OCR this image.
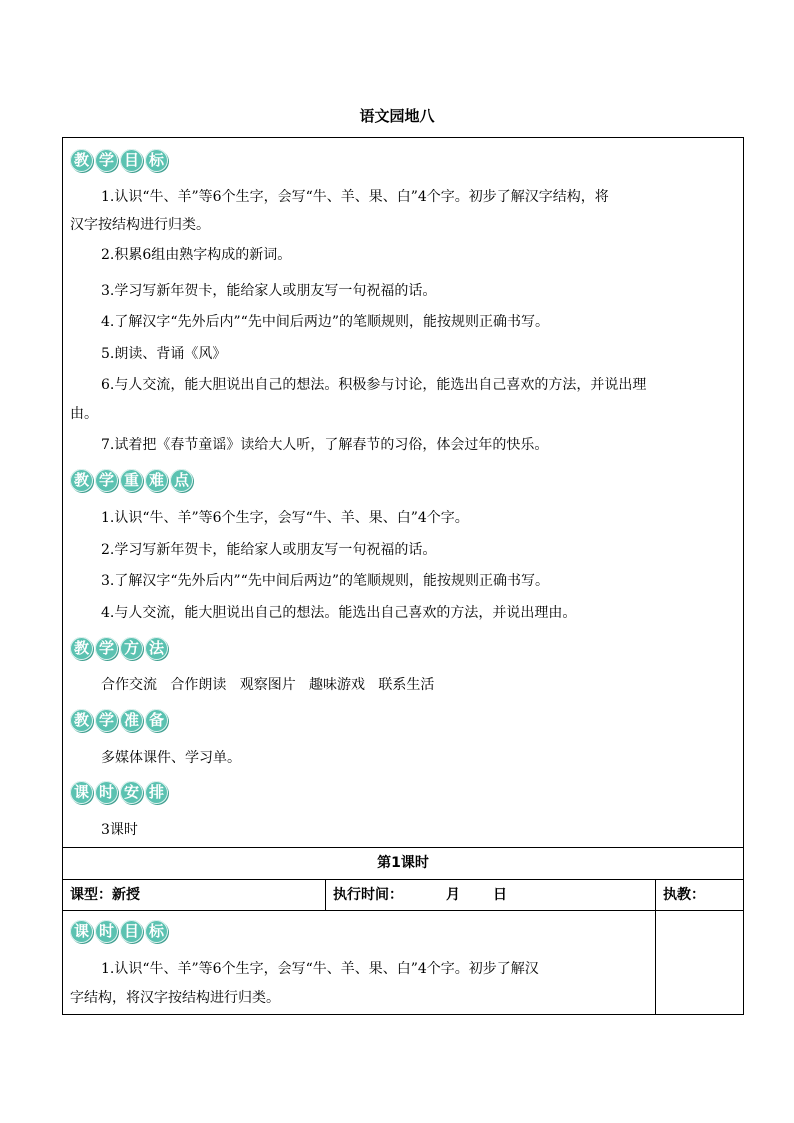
语文园地八
教 学 目 标
1.认识“牛、羊”等6个生字，会写“牛、羊、果、白”4个字。初步了解汉字结构，将
汉字按结构进行归类。
2.积累6组由熟字构成的新词。
3.学习写新年贺卡，能给家人或朋友写一句祝福的话。
4.了解汉字“先外后内”“先中间后两边”的笔顺规则，能按规则正确书写。
5.朗读、背诵《风》
6.与人交流，能大胆说出自己的想法。积极参与讨论，能选出自己喜欢的方法，并说出理
由。
7.试着把《春节童谣》读给大人听，了解春节的习俗，体会过年的快乐。
教 学 重 难 点
1.认识“牛、羊”等6个生字，会写“牛、羊、果、白”4个字。
2.学习写新年贺卡，能给家人或朋友写一句祝福的话。
3.了解汉字“先外后内”“先中间后两边”的笔顺规则，能按规则正确书写。
4.与人交流，能大胆说出自己的想法。能选出自己喜欢的方法，并说出理由。
教 学 方 法
合作交流   合作朗读   观察图片   趣味游戏   联系生活
教 学 准 备
多媒体课件、学习单。
课 时 安 排
3课时
第1课时
课型：新授	执行时间：	月 日	执教：
课 时 目 标
1.认识“牛、羊”等6个生字，会写“牛、羊、果、白”4个字。初步了解汉
字结构，将汉字按结构进行归类。
